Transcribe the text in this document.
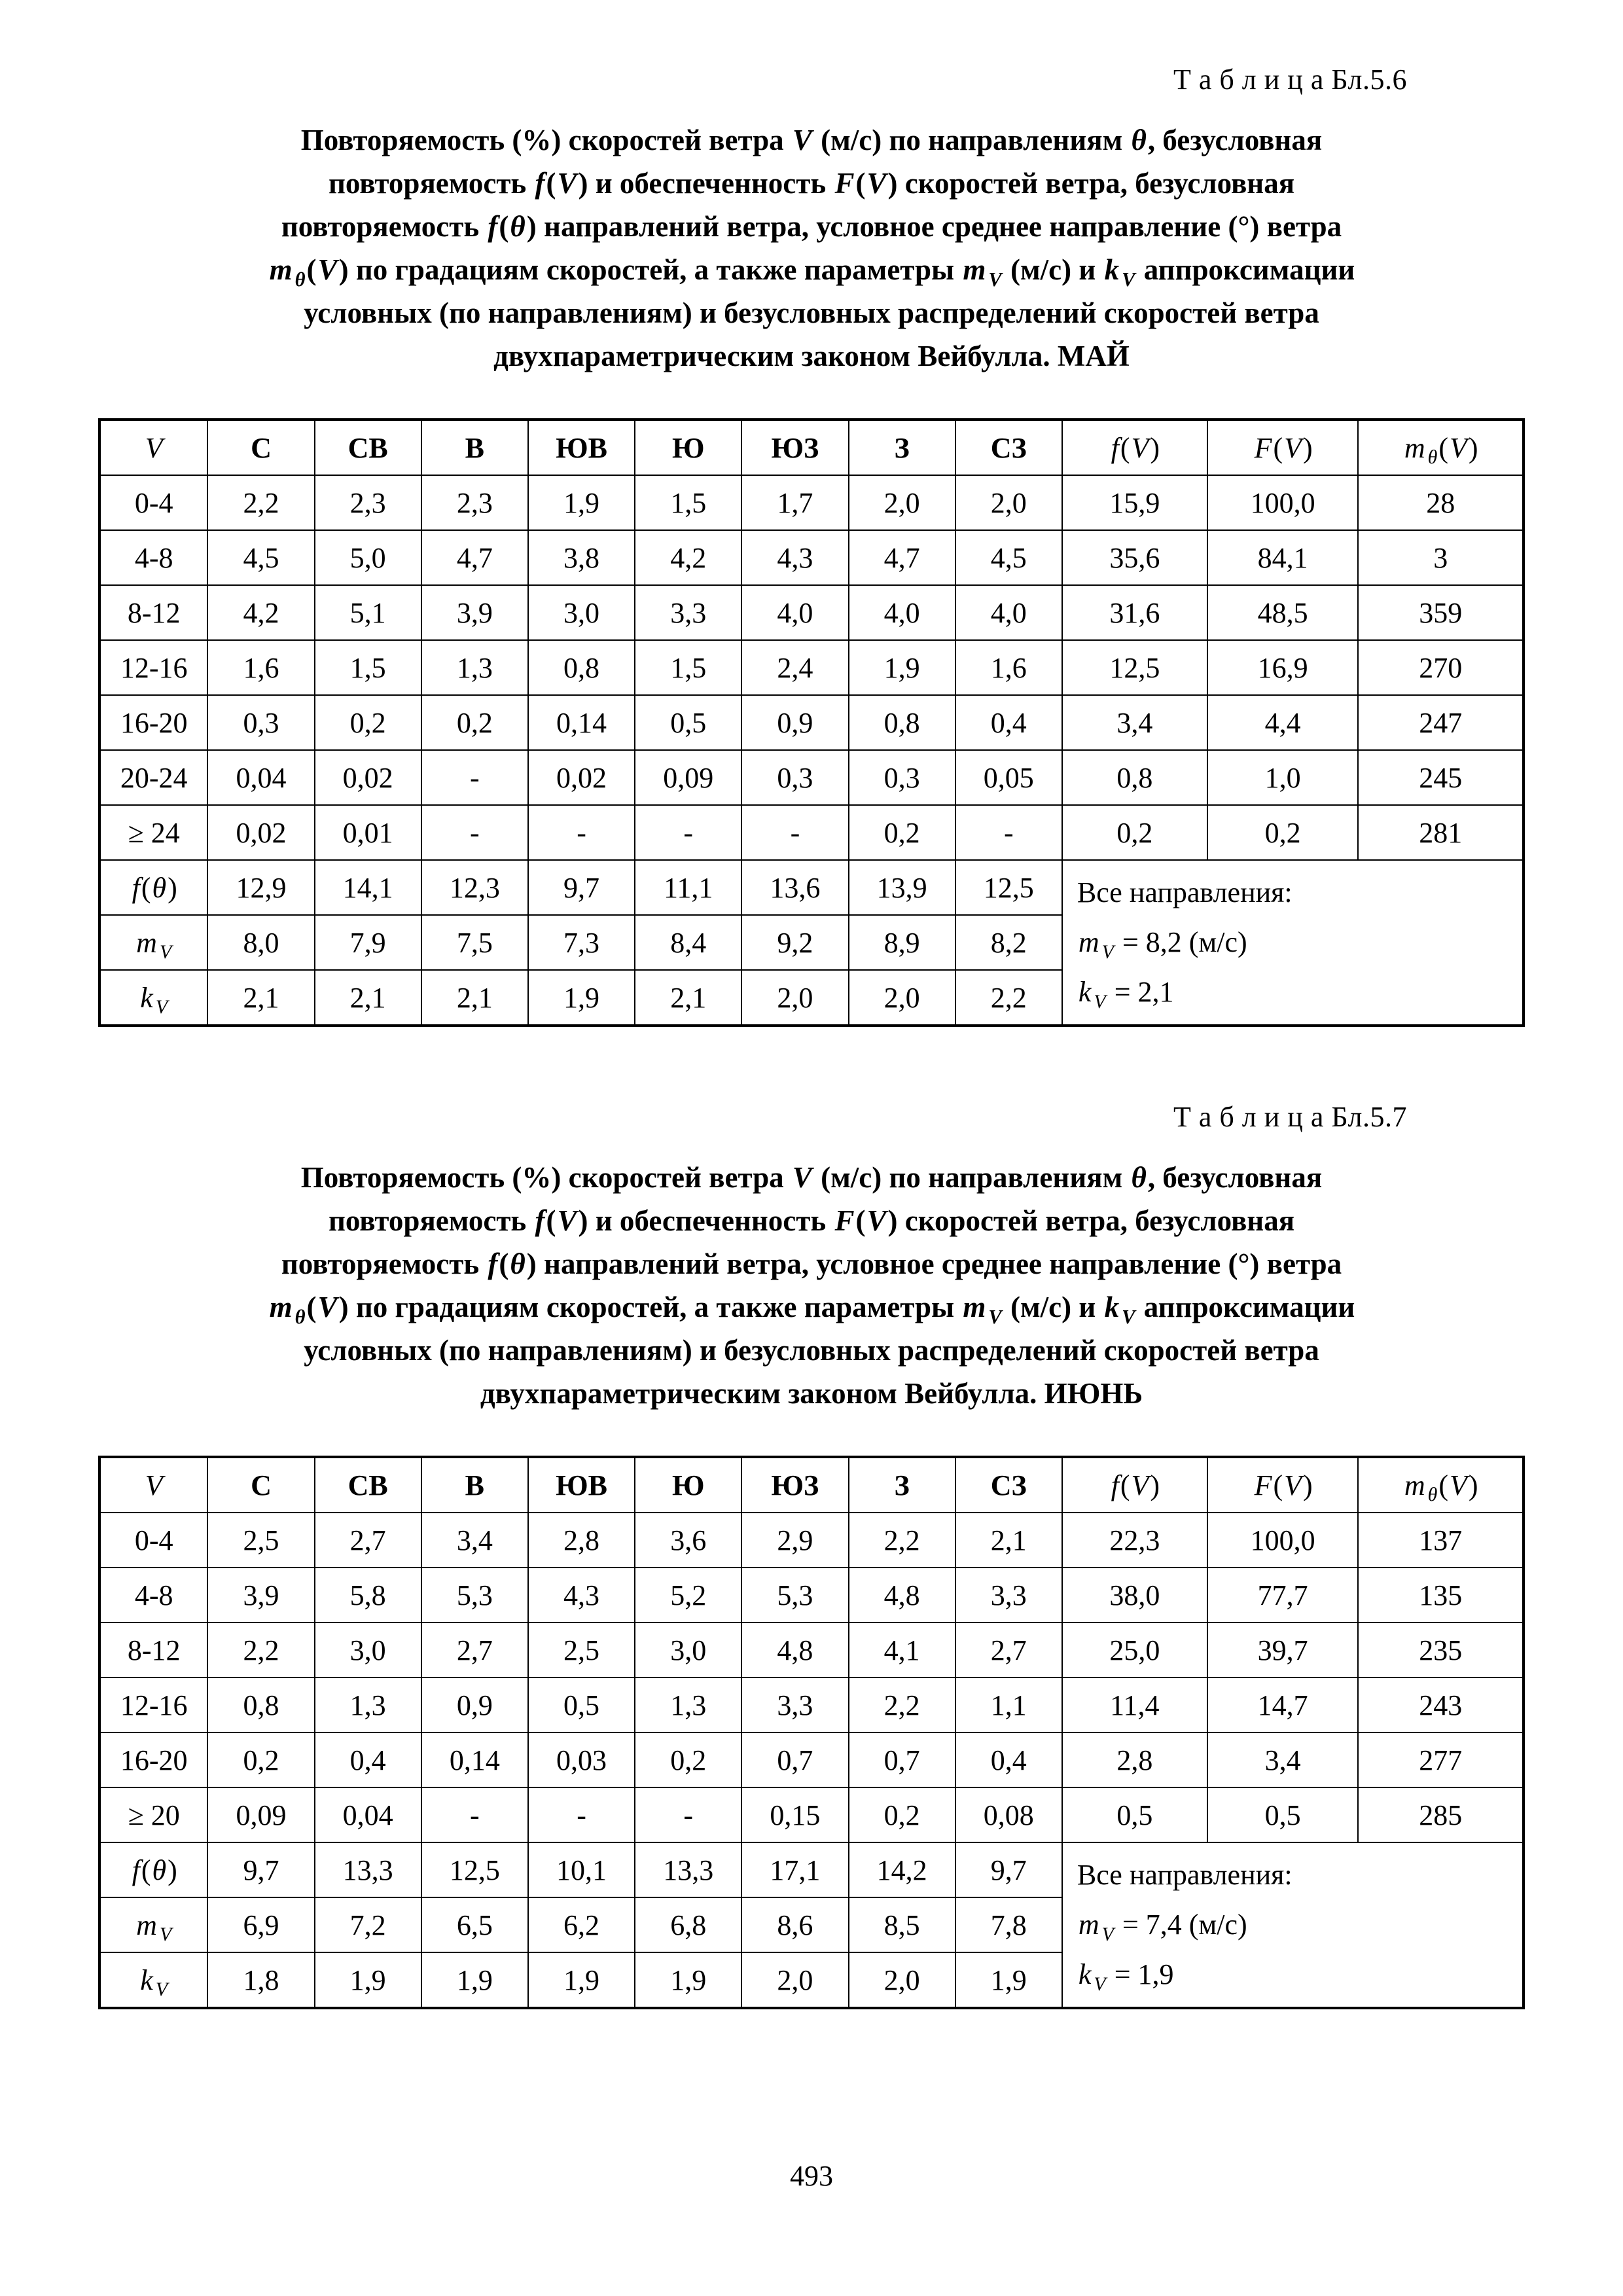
Т а б л и ц а Бл.5.6
Повторяемость (%) скоростей ветра V (м/с) по направлениям θ, безусловная
повторяемость f(V) и обеспеченность F(V) скоростей ветра, безусловная
повторяемость f(θ) направлений ветра, условное среднее направление (°) ветра
m $_\theta$(V) по градациям скоростей, а также параметры m $_V$ (м/с) и k $_V$ аппроксимации
условных (по направлениям) и безусловных распределений скоростей ветра
двухпараметрическим законом Вейбулла. МАЙ
V	С	СВ	В	ЮВ	Ю	ЮЗ	З	СЗ	f(V)	F(V)	m $_\theta$(V)
0-4	2,2	2,3	2,3	1,9	1,5	1,7	2,0	2,0	15,9	100,0	28
4-8	4,5	5,0	4,7	3,8	4,2	4,3	4,7	4,5	35,6	84,1	3
8-12	4,2	5,1	3,9	3,0	3,3	4,0	4,0	4,0	31,6	48,5	359
12-16	1,6	1,5	1,3	0,8	1,5	2,4	1,9	1,6	12,5	16,9	270
16-20	0,3	0,2	0,2	0,14	0,5	0,9	0,8	0,4	3,4	4,4	247
20-24	0,04	0,02	-	0,02	0,09	0,3	0,3	0,05	0,8	1,0	245
≥ 24	0,02	0,01	-	-	-	-	0,2	-	0,2	0,2	281
f(θ)	12,9	14,1	12,3	9,7	11,1	13,6	13,9	12,5	Все направления:
m $_V$ = 8,2 (м/с)
k $_V$ = 2,1		

m $_V$	8,0	7,9	7,5	7,3	8,4	9,2	8,9	8,2			
k $_V$	2,1	2,1	2,1	1,9	2,1	2,0	2,0	2,2			
Т а б л и ц а Бл.5.7
Повторяемость (%) скоростей ветра V (м/с) по направлениям θ, безусловная
повторяемость f(V) и обеспеченность F(V) скоростей ветра, безусловная
повторяемость f(θ) направлений ветра, условное среднее направление (°) ветра
m $_\theta$(V) по градациям скоростей, а также параметры m $_V$ (м/с) и k $_V$ аппроксимации
условных (по направлениям) и безусловных распределений скоростей ветра
двухпараметрическим законом Вейбулла. ИЮНЬ
V	С	СВ	В	ЮВ	Ю	ЮЗ	З	СЗ	f(V)	F(V)	m $_\theta$(V)
0-4	2,5	2,7	3,4	2,8	3,6	2,9	2,2	2,1	22,3	100,0	137
4-8	3,9	5,8	5,3	4,3	5,2	5,3	4,8	3,3	38,0	77,7	135
8-12	2,2	3,0	2,7	2,5	3,0	4,8	4,1	2,7	25,0	39,7	235
12-16	0,8	1,3	0,9	0,5	1,3	3,3	2,2	1,1	11,4	14,7	243
16-20	0,2	0,4	0,14	0,03	0,2	0,7	0,7	0,4	2,8	3,4	277
≥ 20	0,09	0,04	-	-	-	0,15	0,2	0,08	0,5	0,5	285
f(θ)	9,7	13,3	12,5	10,1	13,3	17,1	14,2	9,7	Все направления:
m $_V$ = 7,4 (м/с)
k $_V$ = 1,9		

m $_V$	6,9	7,2	6,5	6,2	6,8	8,6	8,5	7,8			
k $_V$	1,8	1,9	1,9	1,9	1,9	2,0	2,0	1,9			
493
